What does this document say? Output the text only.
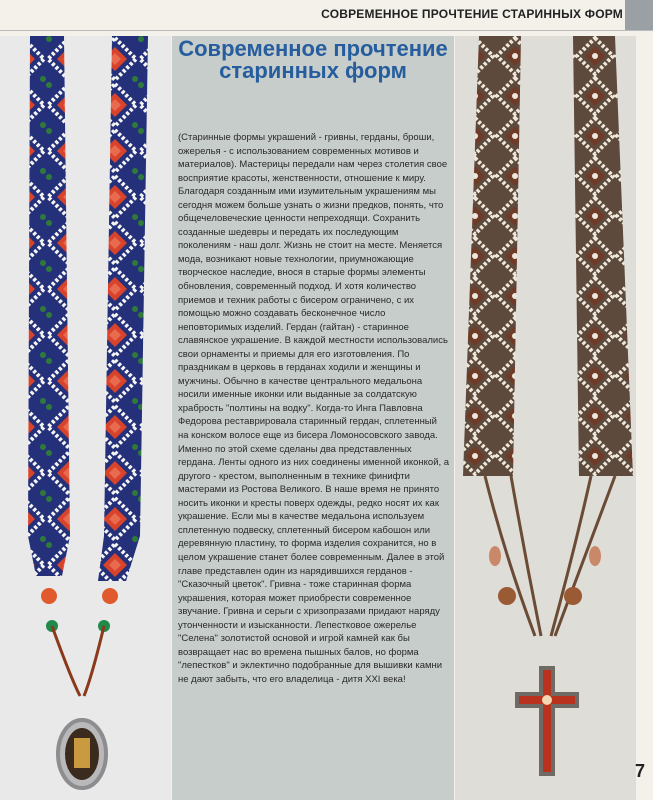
СОВРЕМЕННОЕ ПРОЧТЕНИЕ СТАРИННЫХ ФОРМ
Современное прочтение старинных форм
(Старинные формы украшений - гривны, герданы, броши, ожерелья - с использованием современных мотивов и материалов). Мастерицы передали нам через столетия свое восприятие красоты, женственности, отношение к миру. Благодаря созданным ими изумительным украшениям мы сегодня можем больше узнать о жизни предков, понять, что общечеловеческие ценности непреходящи. Сохранить созданные шедевры и передать их последующим поколениям - наш долг. Жизнь не стоит на месте. Меняется мода, возникают новые технологии, приумножающие творческое наследие, внося в старые формы элементы обновления, современный подход. И хотя количество приемов и техник работы с бисером ограничено, с их помощью можно создавать бесконечное число неповторимых изделий. Гердан (гайтан) - старинное славянское украшение. В каждой местности использовались свои орнаменты и приемы для его изготовления. По праздникам в церковь в герданах ходили и женщины и мужчины. Обычно в качестве центрального медальона носили именные иконки или выданные за солдатскую храбрость "полтины на водку". Когда-то Инга Павловна Федорова реставрировала старинный гердан, сплетенный на конском волосе еще из бисера Ломоносовского завода. Именно по этой схеме сделаны два представленных гердана. Ленты одного из них соединены именной иконкой, а другого - крестом, выполненным в технике финифти мастерами из Ростова Великого. В наше время не принято носить иконки и кресты поверх одежды, редко носят их как украшение. Если мы в качестве медальона используем сплетенную подвеску, сплетенный бисером кабошон или деревянную пластину, то форма изделия сохранится, но в целом украшение станет более современным. Далее в этой главе представлен один из нарядившихся герданов - "Сказочный цветок". Гривна - тоже старинная форма украшения, которая может приобрести современное звучание. Гривна и серьги с хризопразами придают наряду утонченности и изысканности. Лепестковое ожерелье "Селена" золотистой основой и игрой камней как бы возвращает нас во времена пышных балов, но форма "лепестков" и эклектично подобранные для вышивки камни не дают забыть, что его владелица - дитя XXI века!
7
